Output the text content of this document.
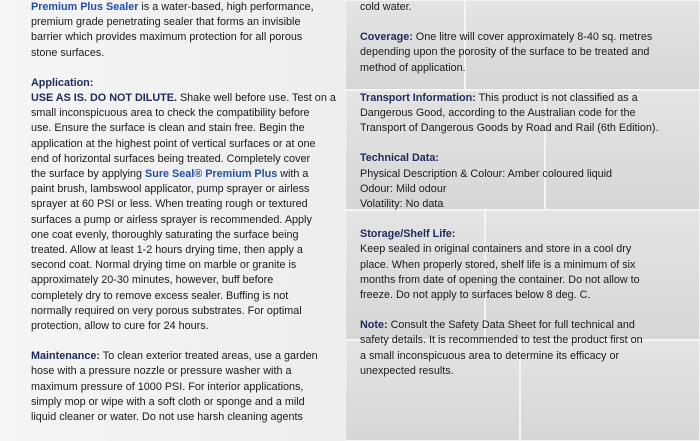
Premium Plus Sealer is a water-based, high performance,

premium grade penetrating sealer that forms an invisible

barrier which provides maximum protection for all porous

stone surfaces.

Application:

USE AS IS. DO NOT DILUTE. Shake well before use. Test on a

small inconspicuous area to check the compatibility before

use. Ensure the surface is clean and stain free. Begin the

application at the highest point of vertical surfaces or at one

end of horizontal surfaces being treated. Completely cover

the surface by applying Sure Seal® Premium Plus with a

paint brush, lambswool applicator, pump sprayer or airless

sprayer at 60 PSI or less. When treating rough or textured

surfaces a pump or airless sprayer is recommended. Apply

one coat evenly, thoroughly saturating the surface being

treated. Allow at least 1-2 hours drying time, then apply a

second coat. Normal drying time on marble or granite is

approximately 20-30 minutes, however, buff before

completely dry to remove excess sealer. Buffing is not

normally required on very porous substrates. For optimal

protection, allow to cure for 24 hours.

Maintenance: To clean exterior treated areas, use a garden

hose with a pressure nozzle or pressure washer with a

maximum pressure of 1000 PSI. For interior applications,

simply mop or wipe with a soft cloth or sponge and a mild

liquid cleaner or water. Do not use harsh cleaning agents

cold water.

Coverage: One litre will cover approximately 8-40 sq. metres

depending upon the porosity of the surface to be treated and

method of application.

Transport Information: This product is not classified as a

Dangerous Good, according to the Australian code for the

Transport of Dangerous Goods by Road and Rail (6th Edition).

Technical Data:

Physical Description & Colour: Amber coloured liquid

Odour: Mild odour

Volatility: No data

Storage/Shelf Life:

Keep sealed in original containers and store in a cool dry

place. When properly stored, shelf life is a minimum of six

months from date of opening the container. Do not allow to

freeze. Do not apply to surfaces below 8 deg. C.

Note: Consult the Safety Data Sheet for full technical and

safety details. It is recommended to test the product first on

a small inconspicuous area to determine its efficacy or

unexpected results.
